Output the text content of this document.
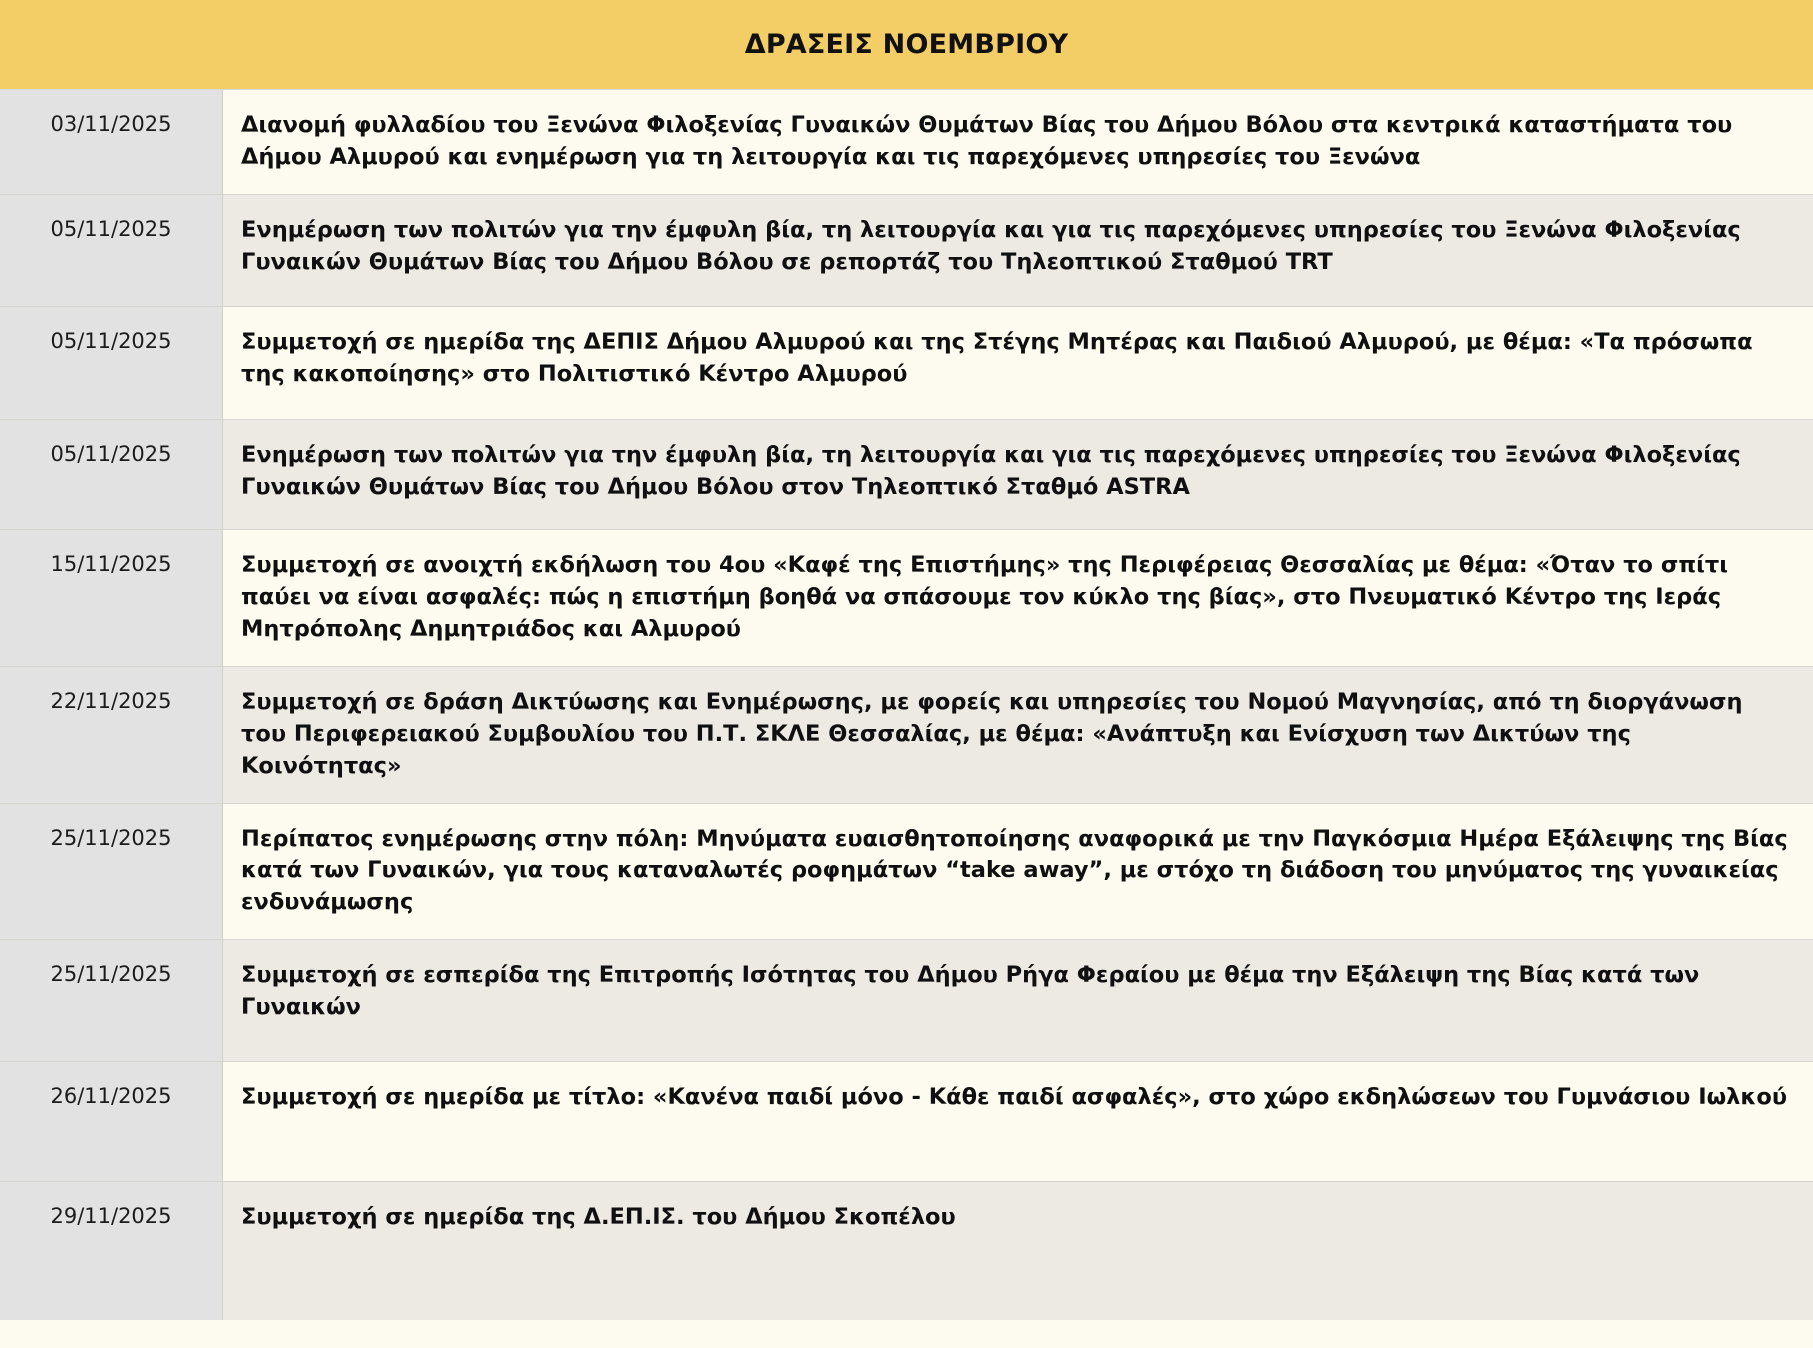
ΔΡΑΣΕΙΣ ΝΟΕΜΒΡΙΟΥ
03/11/2025	Διανομή φυλλαδίου του Ξενώνα Φιλοξενίας Γυναικών Θυμάτων Βίας του Δήμου Βόλου στα κεντρικά καταστήματα του Δήμου Αλμυρού και ενημέρωση για τη λειτουργία και τις παρεχόμενες υπηρεσίες του Ξενώνα
05/11/2025	Ενημέρωση των πολιτών για την έμφυλη βία, τη λειτουργία και για τις παρεχόμενες υπηρεσίες του Ξενώνα Φιλοξενίας Γυναικών Θυμάτων Βίας του Δήμου Βόλου σε ρεπορτάζ του Τηλεοπτικού Σταθμού TRT
05/11/2025	Συμμετοχή σε ημερίδα της ΔΕΠΙΣ Δήμου Αλμυρού και της Στέγης Μητέρας και Παιδιού Αλμυρού, με θέμα: «Τα πρόσωπα της κακοποίησης» στο Πολιτιστικό Κέντρο Αλμυρού
05/11/2025	Ενημέρωση των πολιτών για την έμφυλη βία, τη λειτουργία και για τις παρεχόμενες υπηρεσίες του Ξενώνα Φιλοξενίας Γυναικών Θυμάτων Βίας του Δήμου Βόλου στον Τηλεοπτικό Σταθμό ASTRA
15/11/2025	Συμμετοχή σε ανοιχτή εκδήλωση του 4ου «Καφέ της Επιστήμης» της Περιφέρειας Θεσσαλίας με θέμα: «Όταν το σπίτι παύει να είναι ασφαλές: πώς η επιστήμη βοηθά να σπάσουμε τον κύκλο της βίας», στο Πνευματικό Κέντρο της Ιεράς Μητρόπολης Δημητριάδος και Αλμυρού
22/11/2025	Συμμετοχή σε δράση Δικτύωσης και Ενημέρωσης, με φορείς και υπηρεσίες του Νομού Μαγνησίας, από τη διοργάνωση του Περιφερειακού Συμβουλίου του Π.Τ. ΣΚΛΕ Θεσσαλίας, με θέμα: «Ανάπτυξη και Ενίσχυση των Δικτύων της Κοινότητας»
25/11/2025	Περίπατος ενημέρωσης στην πόλη: Μηνύματα ευαισθητοποίησης αναφορικά με την Παγκόσμια Ημέρα Εξάλειψης της Βίας κατά των Γυναικών, για τους καταναλωτές ροφημάτων “take away”, με στόχο τη διάδοση του μηνύματος της γυναικείας ενδυνάμωσης
25/11/2025	Συμμετοχή σε εσπερίδα της Επιτροπής Ισότητας του Δήμου Ρήγα Φεραίου με θέμα την Εξάλειψη της Βίας κατά των Γυναικών
26/11/2025	Συμμετοχή σε ημερίδα με τίτλο: «Κανένα παιδί μόνο - Κάθε παιδί ασφαλές», στο χώρο εκδηλώσεων του Γυμνάσιου Ιωλκού
29/11/2025	Συμμετοχή σε ημερίδα της Δ.ΕΠ.ΙΣ. του Δήμου Σκοπέλου
